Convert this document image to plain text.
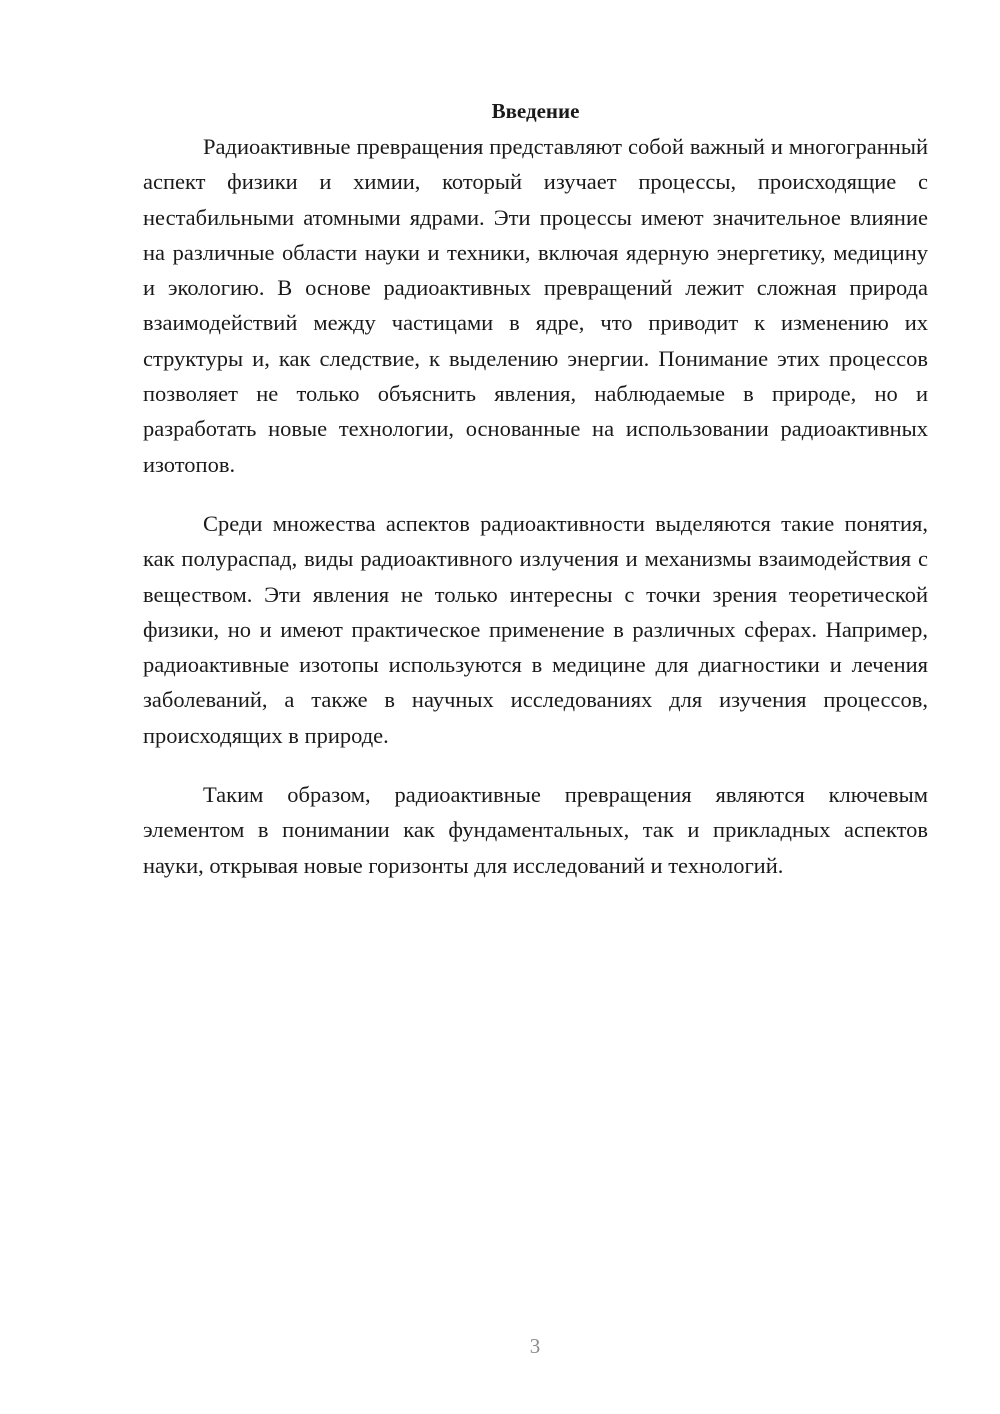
Введение

Радиоактивные превращения представляют собой важный и многогранный аспект физики и химии, который изучает процессы, происходящие с нестабильными атомными ядрами. Эти процессы имеют значительное влияние на различные области науки и техники, включая ядерную энергетику, медицину и экологию. В основе радиоактивных превращений лежит сложная природа взаимодействий между частицами в ядре, что приводит к изменению их структуры и, как следствие, к выделению энергии. Понимание этих процессов позволяет не только объяснить явления, наблюдаемые в природе, но и разработать новые технологии, основанные на использовании радиоактивных изотопов.

Среди множества аспектов радиоактивности выделяются такие понятия, как полураспад, виды радиоактивного излучения и механизмы взаимодействия с веществом. Эти явления не только интересны с точки зрения теоретической физики, но и имеют практическое применение в различных сферах. Например, радиоактивные изотопы используются в медицине для диагностики и лечения заболеваний, а также в научных исследованиях для изучения процессов, происходящих в природе.

Таким образом, радиоактивные превращения являются ключевым элементом в понимании как фундаментальных, так и прикладных аспектов науки, открывая новые горизонты для исследований и технологий.

3
